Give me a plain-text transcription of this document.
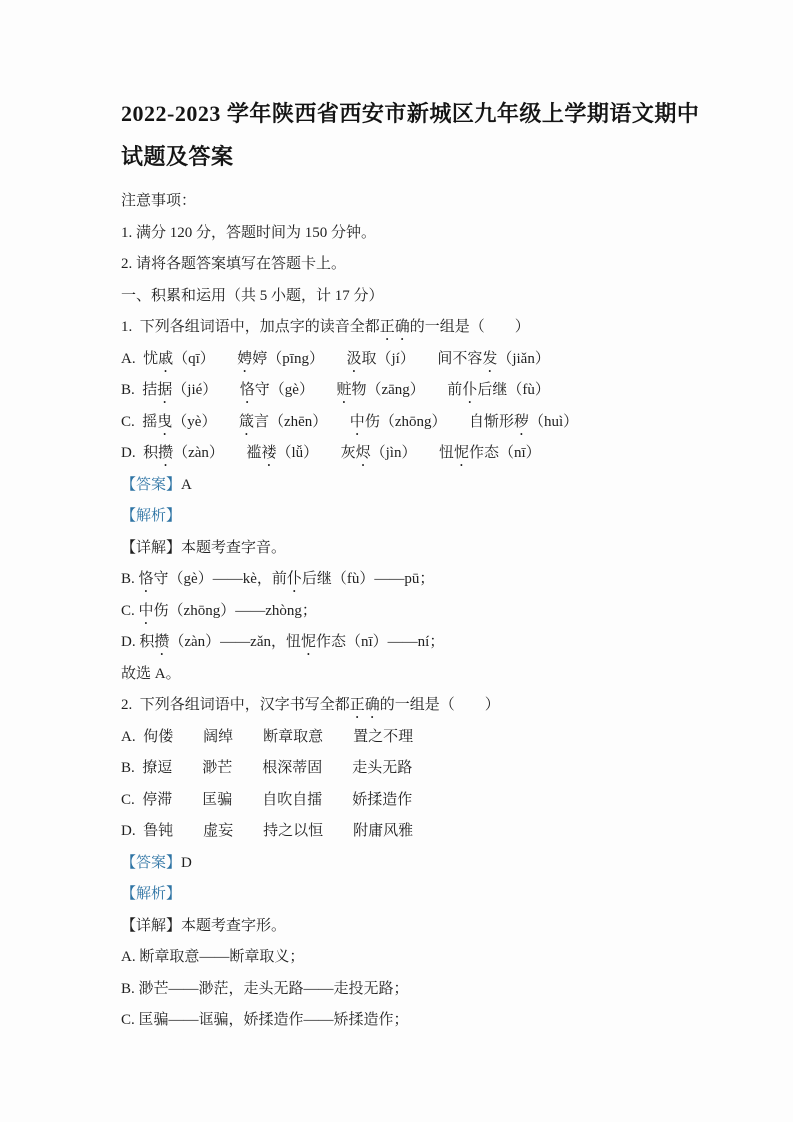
2022-2023 学年陕西省西安市新城区九年级上学期语文期中
试题及答案

注意事项：

1. 满分 120 分，答题时间为 150 分钟。

2. 请将各题答案填写在答题卡上。

一、积累和运用（共 5 小题，计 17 分）

1.  下列各组词语中，加点字的读音全都正确的一组是（　　）

A.  忧戚（qī）　　娉婷（pīng）　　汲取（jí）　　间不容发（jiǎn）

B.  拮据（jié）　　恪守（gè）　　赃物（zāng）　　前仆后继（fù）

C.  摇曳（yè）　　箴言（zhēn）　　中伤（zhōng）　　自惭形秽（huì）

D.  积攒（zàn）　　褴褛（lǚ）　　灰烬（jìn）　　忸怩作态（nī）

【答案】A

【解析】

【详解】本题考查字音。

B. 恪守（gè）——kè，前仆后继（fù）——pū；

C. 中伤（zhōng）——zhòng；

D. 积攒（zàn）——zǎn，忸怩作态（nī）——ní；

故选 A。

2.  下列各组词语中，汉字书写全都正确的一组是（　　）

A.  佝偻　　阔绰　　断章取意　　置之不理

B.  撩逗　　渺芒　　根深蒂固　　走头无路

C.  停滞　　匡骗　　自吹自擂　　娇揉造作

D.  鲁钝　　虚妄　　持之以恒　　附庸风雅

【答案】D

【解析】

【详解】本题考查字形。

A. 断章取意——断章取义；

B. 渺芒——渺茫，走头无路——走投无路；

C. 匡骗——诓骗，娇揉造作——矫揉造作；
